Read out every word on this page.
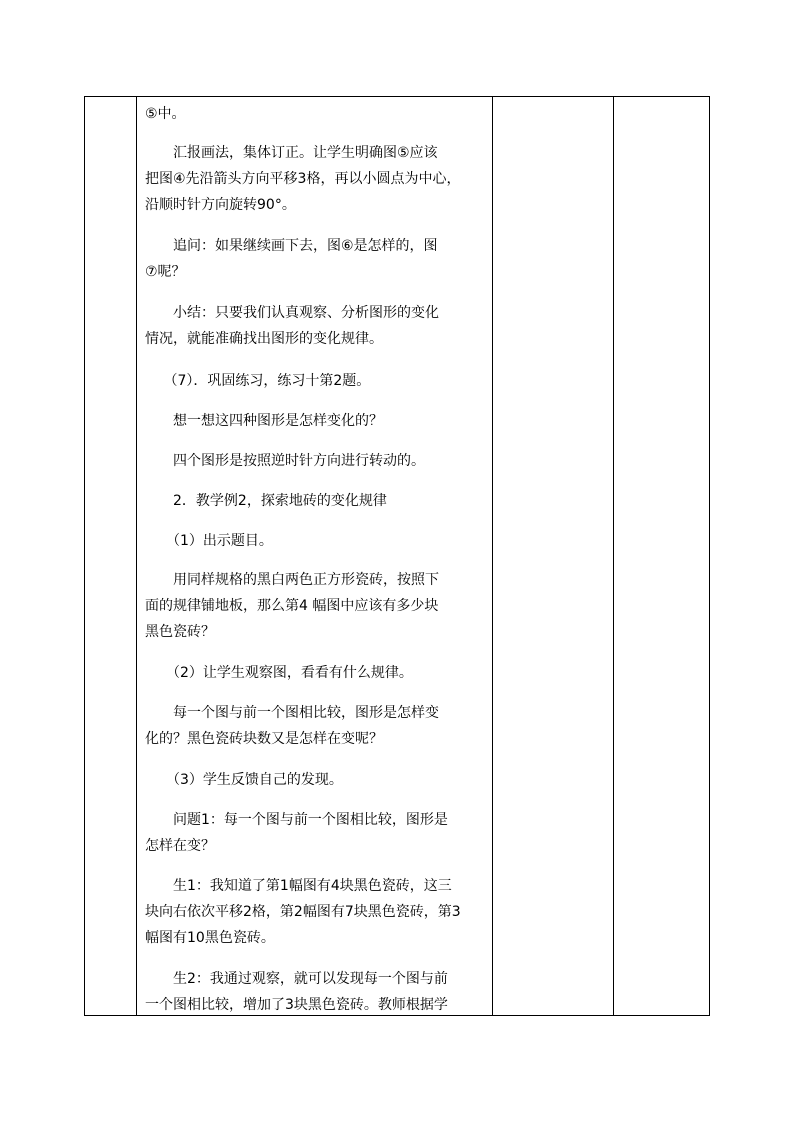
⑤中。

　　汇报画法，集体订正。让学生明确图⑤应该
把图④先沿箭头方向平移3格，再以小圆点为中心，
沿顺时针方向旋转90°。

　　追问：如果继续画下去，图⑥是怎样的，图
⑦呢？

　　小结：只要我们认真观察、分析图形的变化
情况，就能准确找出图形的变化规律。

　 （7）．巩固练习，练习十第2题。

　　想一想这四种图形是怎样变化的？

　　四个图形是按照逆时针方向进行转动的。

　　2．教学例2，探索地砖的变化规律

　　（1）出示题目。

　　用同样规格的黑白两色正方形瓷砖，按照下
面的规律铺地板，那么第4 幅图中应该有多少块
黑色瓷砖？

　　（2）让学生观察图，看看有什么规律。

　　每一个图与前一个图相比较，图形是怎样变
化的？黑色瓷砖块数又是怎样在变呢？

　　（3）学生反馈自己的发现。

　　问题1：每一个图与前一个图相比较，图形是
怎样在变？

　　生1：我知道了第1幅图有4块黑色瓷砖，这三
块向右依次平移2格，第2幅图有7块黑色瓷砖，第3
幅图有10黑色瓷砖。

　　生2：我通过观察，就可以发现每一个图与前
一个图相比较，增加了3块黑色瓷砖。教师根据学
